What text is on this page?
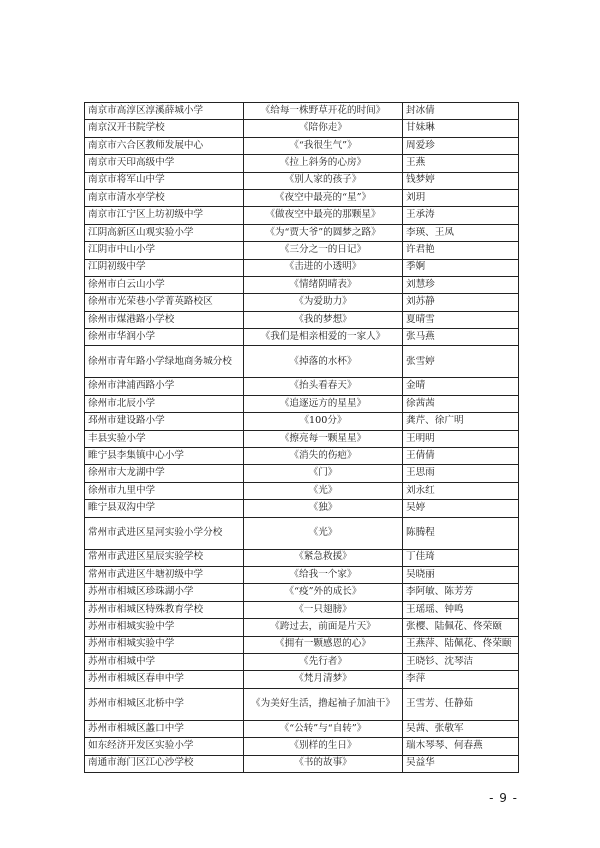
南京市高淳区淳溪薛城小学	《给每一株野草开花的时间》	封冰倩
南京汉开书院学校	《陪你走》	甘妹琳
南京市六合区教师发展中心	《“我很生气”》	周爱珍
南京市天印高级中学	《拉上斜务的心房》	王燕
南京市将军山中学	《别人家的孩子》	钱梦婷
南京市清水亭学校	《夜空中最亮的“星”》	刘玥
南京市江宁区上坊初级中学	《做夜空中最亮的那颗星》	王承涛
江阴高新区山观实验小学	《为“贾大爷”的圆梦之路》	李瑛、王凤
江阴市中山小学	《三分之一的日记》	许君艳
江阴初级中学	《击进的小透明》	季婀
徐州市白云山小学	《情绪阴晴表》	刘慧珍
徐州市光荣巷小学菁英路校区	《为爱助力》	刘苏静
徐州市煤港路小学校	《我的梦想》	夏晴雪
徐州市华润小学	《我们是相亲相爱的一家人》	张马燕
徐州市青年路小学绿地商务城分校	《掉落的水杯》	张雪婷
徐州市津浦西路小学	《抬头看春天》	金晴
徐州市北辰小学	《追逐远方的星星》	徐茜茜
邳州市建设路小学	《100分》	龚芹、徐广明
丰县实验小学	《擦亮每一颗星星》	王明明
睢宁县李集镇中心小学	《消失的伤疤》	王倩倩
徐州市大龙湖中学	《门》	王思雨
徐州市九里中学	《光》	刘永红
睢宁县双沟中学	《独》	吴婷
常州市武进区星河实验小学分校	《光》	陈腾程
常州市武进区星辰实验学校	《紧急救援》	丁佳琦
常州市武进区牛塘初级中学	《给我一个家》	吴晓丽
苏州市相城区珍珠湖小学	《“疫”外的成长》	李阿敏、陈芳芳
苏州市相城区特殊教育学校	《一只翅膀》	王瑶瑶、钟鸣
苏州市相城实验中学	《跨过去，前面是片天》	张樱、陆佩花、佟荣颐
苏州市相城实验中学	《拥有一颗感恩的心》	王燕萍、陆佩花、佟荣颐
苏州市相城中学	《先行者》	王晓钐、沈琴洁
苏州市相城区春申中学	《梵月清梦》	李萍
苏州市相城区北桥中学	《为美好生活，撸起袖子加油干》	王雪芳、任静茹
苏州市相城区蠡口中学	《“公转”与“自转”》	吴茜、张敬军
如东经济开发区实验小学	《别样的生日》	瑞木琴琴、何春燕
南通市海门区江心沙学校	《书的故事》	吴益华
- 9 -
